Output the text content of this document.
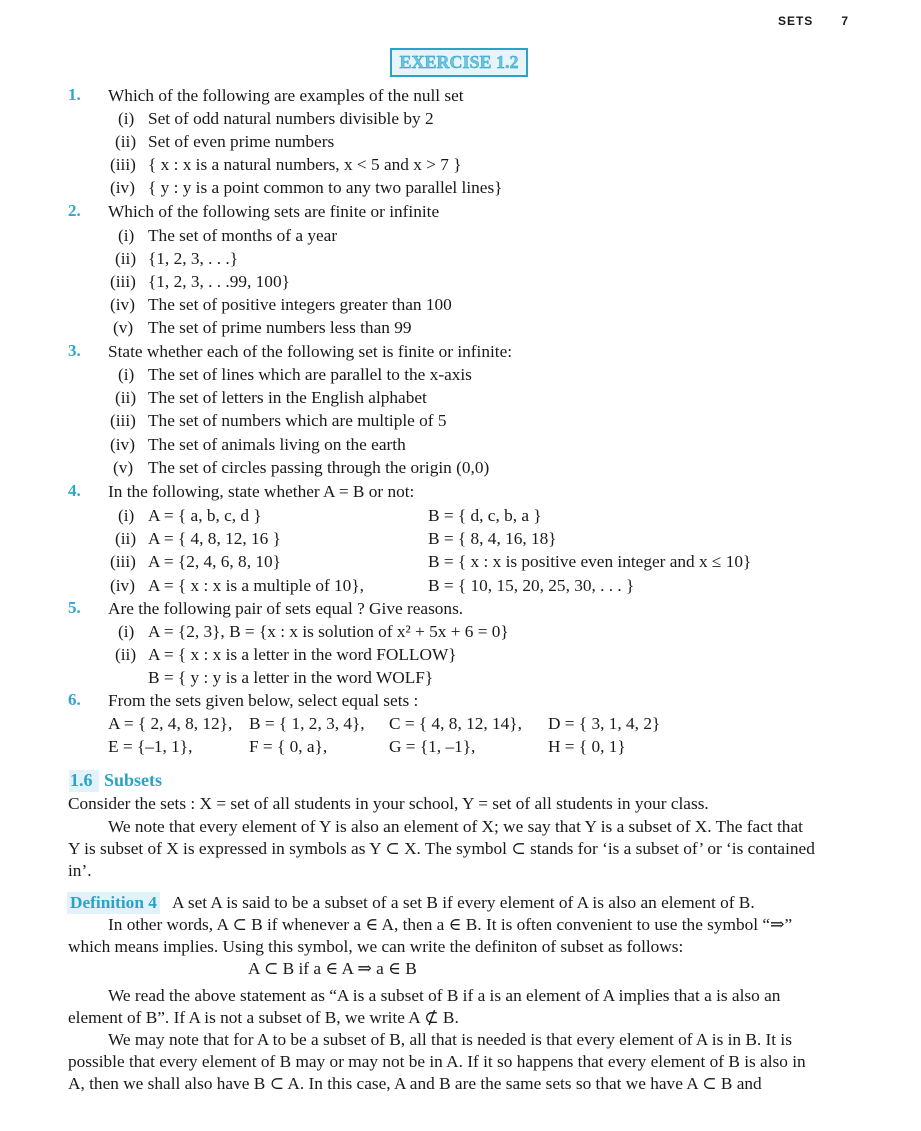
SETS 7
EXERCISE 1.2
1. Which of the following are examples of the null set
(i) Set of odd natural numbers divisible by 2
(ii) Set of even prime numbers
(iii) { x : x is a natural numbers, x < 5 and x > 7 }
(iv) { y : y is a point common to any two parallel lines}
2. Which of the following sets are finite or infinite
(i) The set of months of a year
(ii) {1, 2, 3, . . .}
(iii) {1, 2, 3, . . .99, 100}
(iv) The set of positive integers greater than 100
(v) The set of prime numbers less than 99
3. State whether each of the following set is finite or infinite:
(i) The set of lines which are parallel to the x-axis
(ii) The set of letters in the English alphabet
(iii) The set of numbers which are multiple of 5
(iv) The set of animals living on the earth
(v) The set of circles passing through the origin (0,0)
4. In the following, state whether A = B or not:
(i) A = { a, b, c, d }	B = { d, c, b, a }
(ii) A = { 4, 8, 12, 16 }	B = { 8, 4, 16, 18}
(iii) A = {2, 4, 6, 8, 10}	B = { x : x is positive even integer and x ≤ 10}
(iv) A = { x : x is a multiple of 10},	B = { 10, 15, 20, 25, 30, . . . }
5. Are the following pair of sets equal ? Give reasons.
(i) A = {2, 3}, B = {x : x is solution of x² + 5x + 6 = 0}
(ii) A = { x : x is a letter in the word FOLLOW}
B = { y : y is a letter in the word WOLF}
6. From the sets given below, select equal sets :
A = { 2, 4, 8, 12}, B = { 1, 2, 3, 4}, C = { 4, 8, 12, 14}, D = { 3, 1, 4, 2}
E = {–1, 1},	F = { 0, a},	G = {1, –1},	H = { 0, 1}
1.6 Subsets
Consider the sets : X = set of all students in your school, Y = set of all students in your class.
We note that every element of Y is also an element of X; we say that Y is a subset of X. The fact that
Y is subset of X is expressed in symbols as Y ⊂ X. The symbol ⊂ stands for ‘is a subset of’ or ‘is contained
in’.
Definition 4 A set A is said to be a subset of a set B if every element of A is also an element of B.
In other words, A ⊂ B if whenever a ∈ A, then a ∈ B. It is often convenient to use the symbol “⇒”
which means implies. Using this symbol, we can write the definiton of subset as follows:
A ⊂ B if a ∈ A ⇒ a ∈ B
We read the above statement as “A is a subset of B if a is an element of A implies that a is also an
element of B”. If A is not a subset of B, we write A ⊄ B.
We may note that for A to be a subset of B, all that is needed is that every element of A is in B. It is
possible that every element of B may or may not be in A. If it so happens that every element of B is also in
A, then we shall also have B ⊂ A. In this case, A and B are the same sets so that we have A ⊂ B and
